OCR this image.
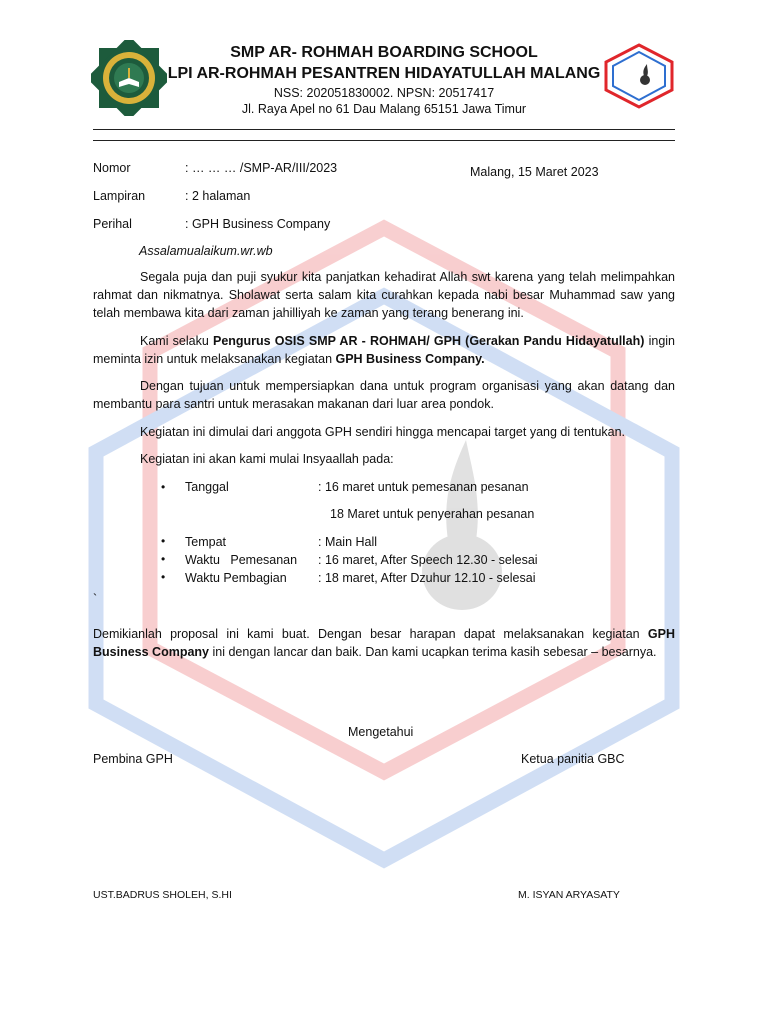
SMP AR- ROHMAH BOARDING SCHOOL
LPI AR-ROHMAH PESANTREN HIDAYATULLAH MALANG
NSS: 202051830002. NPSN: 20517417
Jl. Raya Apel no 61 Dau Malang 65151 Jawa Timur
Nomor	: … … … /SMP-AR/III/2023	Malang, 15 Maret 2023
Lampiran	: 2 halaman
Perihal	: GPH Business Company
Assalamualaikum.wr.wb
Segala puja dan puji syukur kita panjatkan kehadirat Allah swt karena yang telah melimpahkan rahmat dan nikmatnya. Sholawat serta salam kita curahkan kepada nabi besar Muhammad saw yang telah membawa kita dari zaman jahilliyah ke zaman yang terang benerang ini.
Kami selaku Pengurus OSIS SMP AR - ROHMAH/ GPH (Gerakan Pandu Hidayatullah) ingin meminta izin untuk melaksanakan kegiatan GPH Business Company.
Dengan tujuan untuk mempersiapkan dana untuk program organisasi yang akan datang dan membantu para santri untuk merasakan makanan dari luar area pondok.
Kegiatan ini dimulai dari anggota GPH sendiri hingga mencapai target yang di tentukan.
Kegiatan ini akan kami mulai Insyaallah pada:
• Tanggal	: 16 maret untuk pemesanan pesanan
18 Maret untuk penyerahan pesanan
• Tempat	: Main Hall
• Waktu   Pemesanan : 16 maret, After Speech 12.30 - selesai
• Waktu Pembagian	: 18 maret, After Dzuhur 12.10 - selesai
`
Demikianlah proposal ini kami buat. Dengan besar harapan dapat melaksanakan kegiatan GPH Business Company ini dengan lancar dan baik. Dan kami ucapkan terima kasih sebesar – besarnya.
Mengetahui
Pembina GPH	Ketua panitia GBC
UST.BADRUS SHOLEH, S.HI	M. ISYAN ARYASATY
